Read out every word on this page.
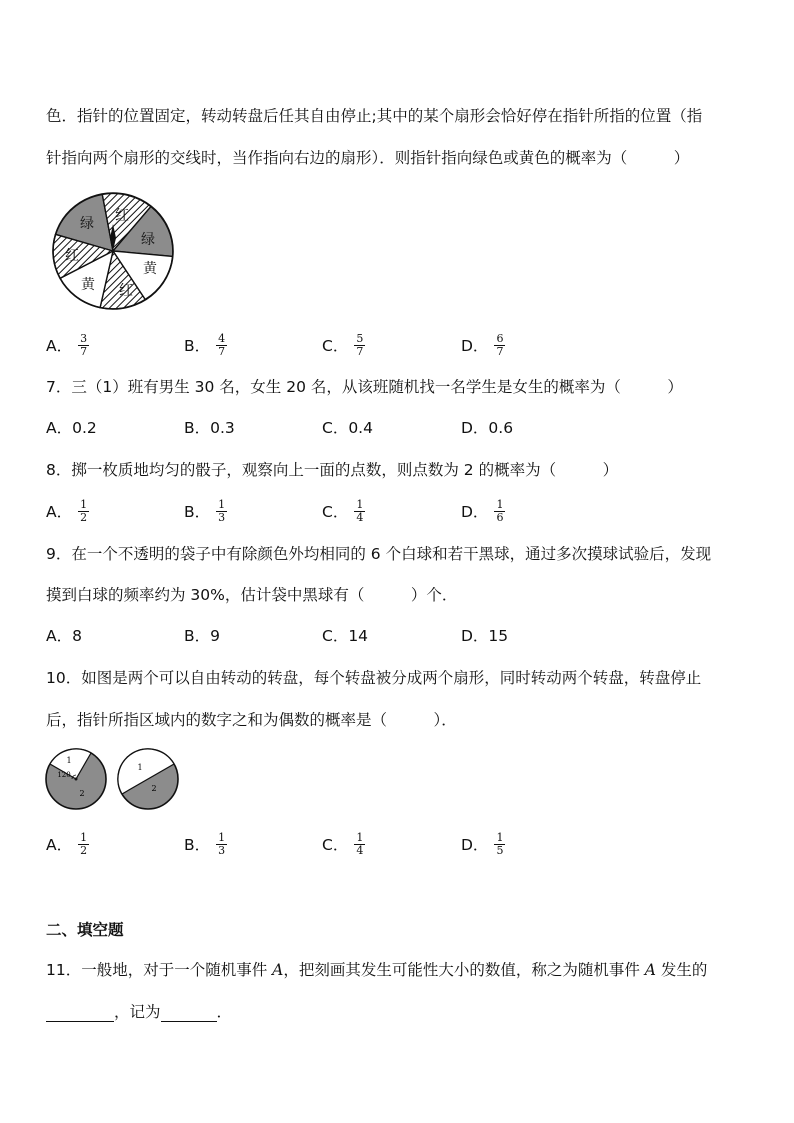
色．指针的位置固定，转动转盘后任其自由停止;其中的某个扇形会恰好停在指针所指的位置（指
针指向两个扇形的交线时，当作指向右边的扇形）．则指针指向绿色或黄色的概率为（　　　）
绿 红
绿
黄
红
黄
红
A． $\frac{3}{7}$	B． $\frac{4}{7}$	C． $\frac{5}{7}$	D． $\frac{6}{7}$
7．三（1）班有男生 30 名，女生 20 名，从该班随机找一名学生是女生的概率为（　　　）
A．0.2	B．0.3	C．0.4	D．0.6
8．掷一枚质地均匀的骰子，观察向上一面的点数，则点数为 2 的概率为（　　　）
A． $\frac{1}{2}$	B． $\frac{1}{3}$	C． $\frac{1}{4}$	D． $\frac{1}{6}$
9．在一个不透明的袋子中有除颜色外均相同的 6 个白球和若干黑球，通过多次摸球试验后，发现
摸到白球的频率约为 30%，估计袋中黑球有（　　　）个．
A．8	B．9	C．14	D．15
10．如图是两个可以自由转动的转盘，每个转盘被分成两个扇形，同时转动两个转盘，转盘停止
后，指针所指区域内的数字之和为偶数的概率是（　　　）．
1
120
2
1
2
A． $\frac{1}{2}$	B． $\frac{1}{3}$	C． $\frac{1}{4}$	D． $\frac{1}{5}$
二、填空题
11．一般地，对于一个随机事件 A，把刻画其发生可能性大小的数值，称之为随机事件 A 发生的
，记为	．
